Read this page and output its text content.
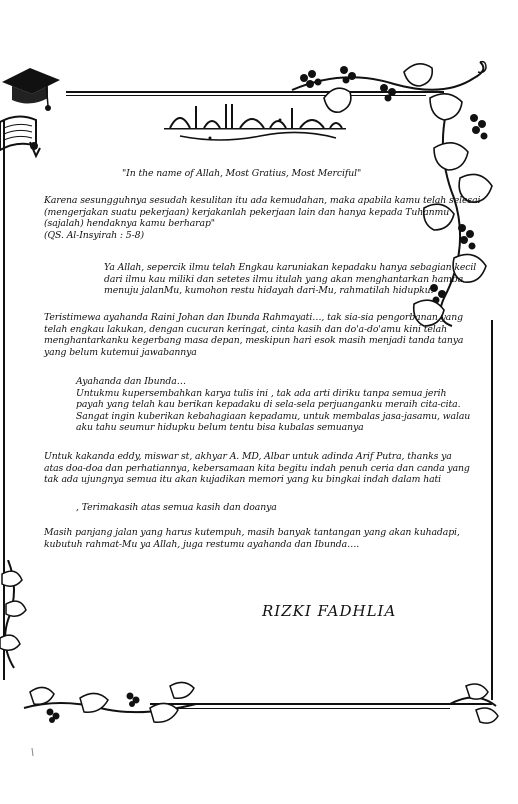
بسم الله الرحمن الرحيم
"In the name of Allah, Most Gratius, Most Merciful"

Karena sesungguhnya sesudah kesulitan itu ada kemudahan, maka apabila kamu telah selesai

(mengerjakan suatu pekerjaan) kerjakanlah pekerjaan lain dan hanya kepada Tuhanmu

(sajalah) hendaknya kamu berharap"

(QS. Al-Insyirah : 5-8)

Ya Allah, sepercik ilmu telah Engkau karuniakan kepadaku hanya sebagian kecil

dari ilmu kau miliki dan setetes ilmu itulah yang akan menghantarkan hamba

menuju jalanMu, kumohon restu hidayah dari-Mu, rahmatilah hidupku.

Teristimewa ayahanda Raini Johan dan Ibunda Rahmayati…, tak sia-sia pengorbanan yang

telah engkau lakukan, dengan cucuran keringat, cinta kasih dan do'a-do'amu kini telah

menghantarkanku kegerbang masa depan, meskipun hari esok masih menjadi tanda tanya

yang belum kutemui jawabannya

Ayahanda dan Ibunda…

Untukmu kupersembahkan karya tulis ini , tak ada arti diriku tanpa semua jerih

payah yang telah kau berikan kepadaku di sela-sela perjuanganku meraih cita-cita.

Sangat ingin kuberikan kebahagiaan kepadamu, untuk membalas jasa-jasamu, walau

aku tahu seumur hidupku belum tentu bisa kubalas semuanya

Untuk kakanda eddy, miswar st, akhyar A. MD, Albar untuk adinda Arif Putra, thanks ya

atas doa-doa dan perhatiannya, kebersamaan kita begitu indah penuh ceria dan canda yang

tak ada ujungnya semua itu akan kujadikan memori yang ku bingkai indah dalam hati

, Terimakasih atas semua kasih dan doanya

Masih panjang jalan yang harus kutempuh, masih banyak tantangan yang akan kuhadapi,

kubutuh rahmat-Mu ya Allah, juga restumu ayahanda dan Ibunda….

RIZKI FADHLIA
